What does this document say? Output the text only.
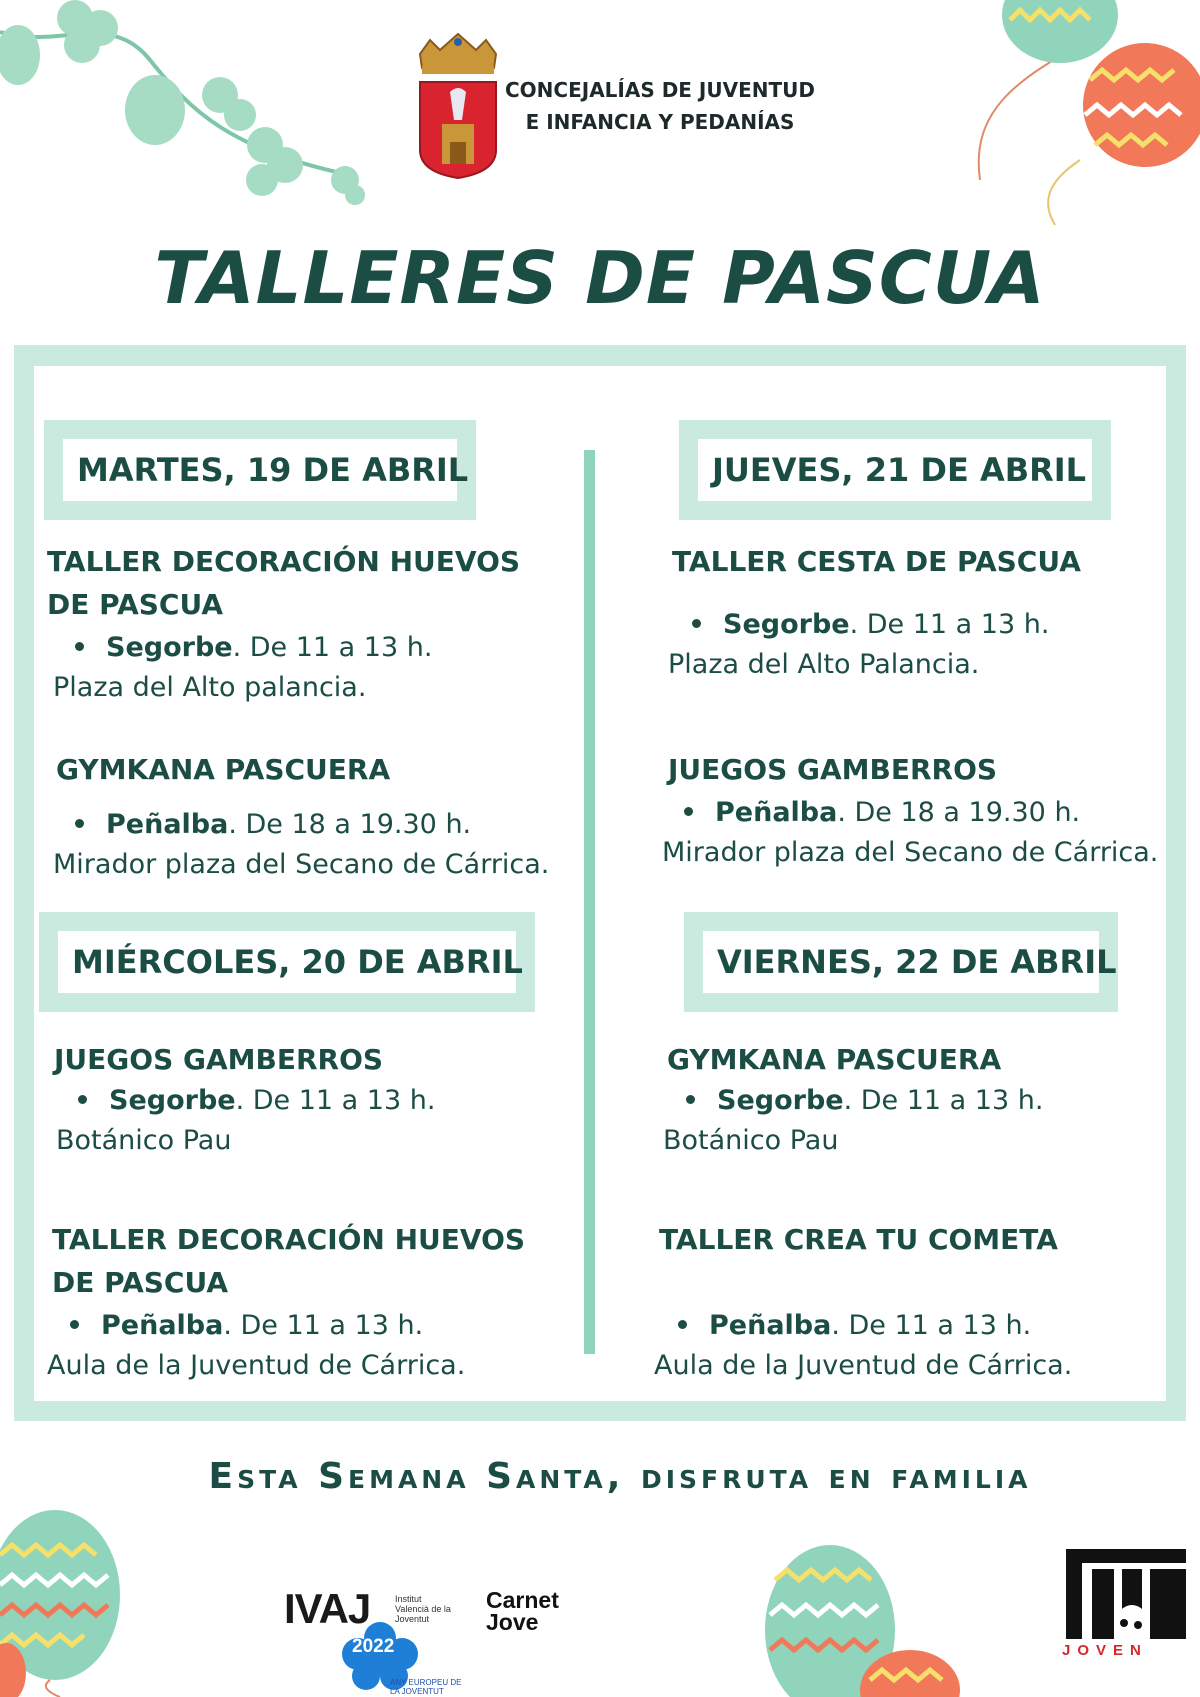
CONCEJALÍAS DE JUVENTUD E INFANCIA Y PEDANÍAS
TALLERES DE PASCUA
MARTES, 19 DE ABRIL
TALLER DECORACIÓN HUEVOS DE PASCUA
Segorbe. De 11 a 13 h.
Plaza del Alto palancia.
GYMKANA PASCUERA
Peñalba. De 18 a 19.30 h.
Mirador plaza del Secano de Cárrica.
JUEVES, 21 DE ABRIL
TALLER CESTA DE PASCUA
Segorbe. De 11 a 13 h.
Plaza del Alto Palancia.
JUEGOS GAMBERROS
Peñalba. De 18 a 19.30 h.
Mirador plaza del Secano de Cárrica.
MIÉRCOLES, 20 DE ABRIL
JUEGOS GAMBERROS
Segorbe. De 11 a 13 h.
Botánico Pau
TALLER DECORACIÓN HUEVOS DE PASCUA
Peñalba. De 11 a 13 h.
Aula de la Juventud de Cárrica.
VIERNES, 22 DE ABRIL
GYMKANA PASCUERA
Segorbe. De 11 a 13 h.
Botánico Pau
TALLER CREA TU COMETA
Peñalba. De 11 a 13 h.
Aula de la Juventud de Cárrica.
Esta Semana Santa, disfruta en familia
IVAJ	Institut Valencià de la Joventut
2022
ANY EUROPEU DE LA JOVENTUT
Carnet
Jove
JOVEN
